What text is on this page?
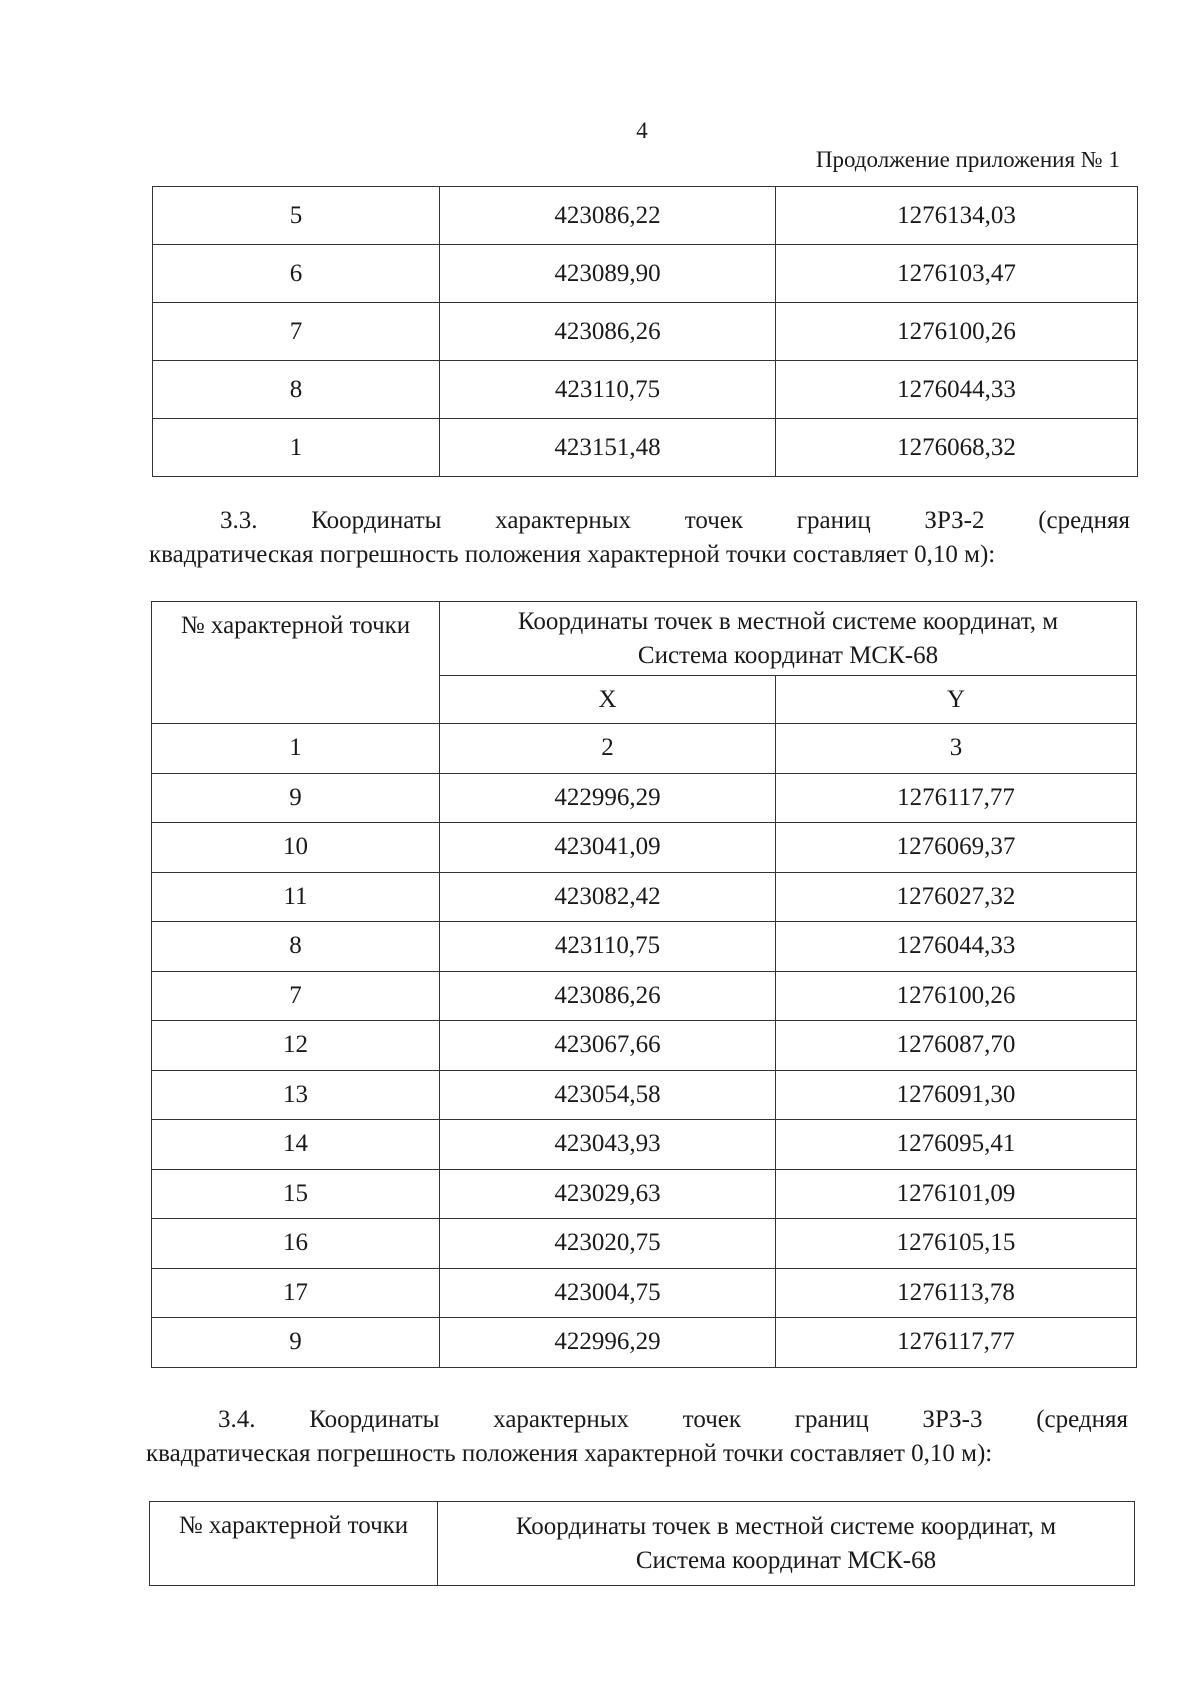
4
Продолжение приложения № 1
5	423086,22	1276134,03
6	423089,90	1276103,47
7	423086,26	1276100,26
8	423110,75	1276044,33
1	423151,48	1276068,32
3.3. Координаты характерных точек границ ЗРЗ-2 (средняя
квадратическая погрешность положения характерной точки составляет 0,10 м):
№ характерной точки	Координаты точек в местной системе координат, м
Система координат МСК-68	

	X	Y
1	2	3
9	422996,29	1276117,77
10	423041,09	1276069,37
11	423082,42	1276027,32
8	423110,75	1276044,33
7	423086,26	1276100,26
12	423067,66	1276087,70
13	423054,58	1276091,30
14	423043,93	1276095,41
15	423029,63	1276101,09
16	423020,75	1276105,15
17	423004,75	1276113,78
9	422996,29	1276117,77
3.4. Координаты характерных точек границ ЗРЗ-3 (средняя
квадратическая погрешность положения характерной точки составляет 0,10 м):
№ характерной точки	Координаты точек в местной системе координат, м
Система координат МСК-68
